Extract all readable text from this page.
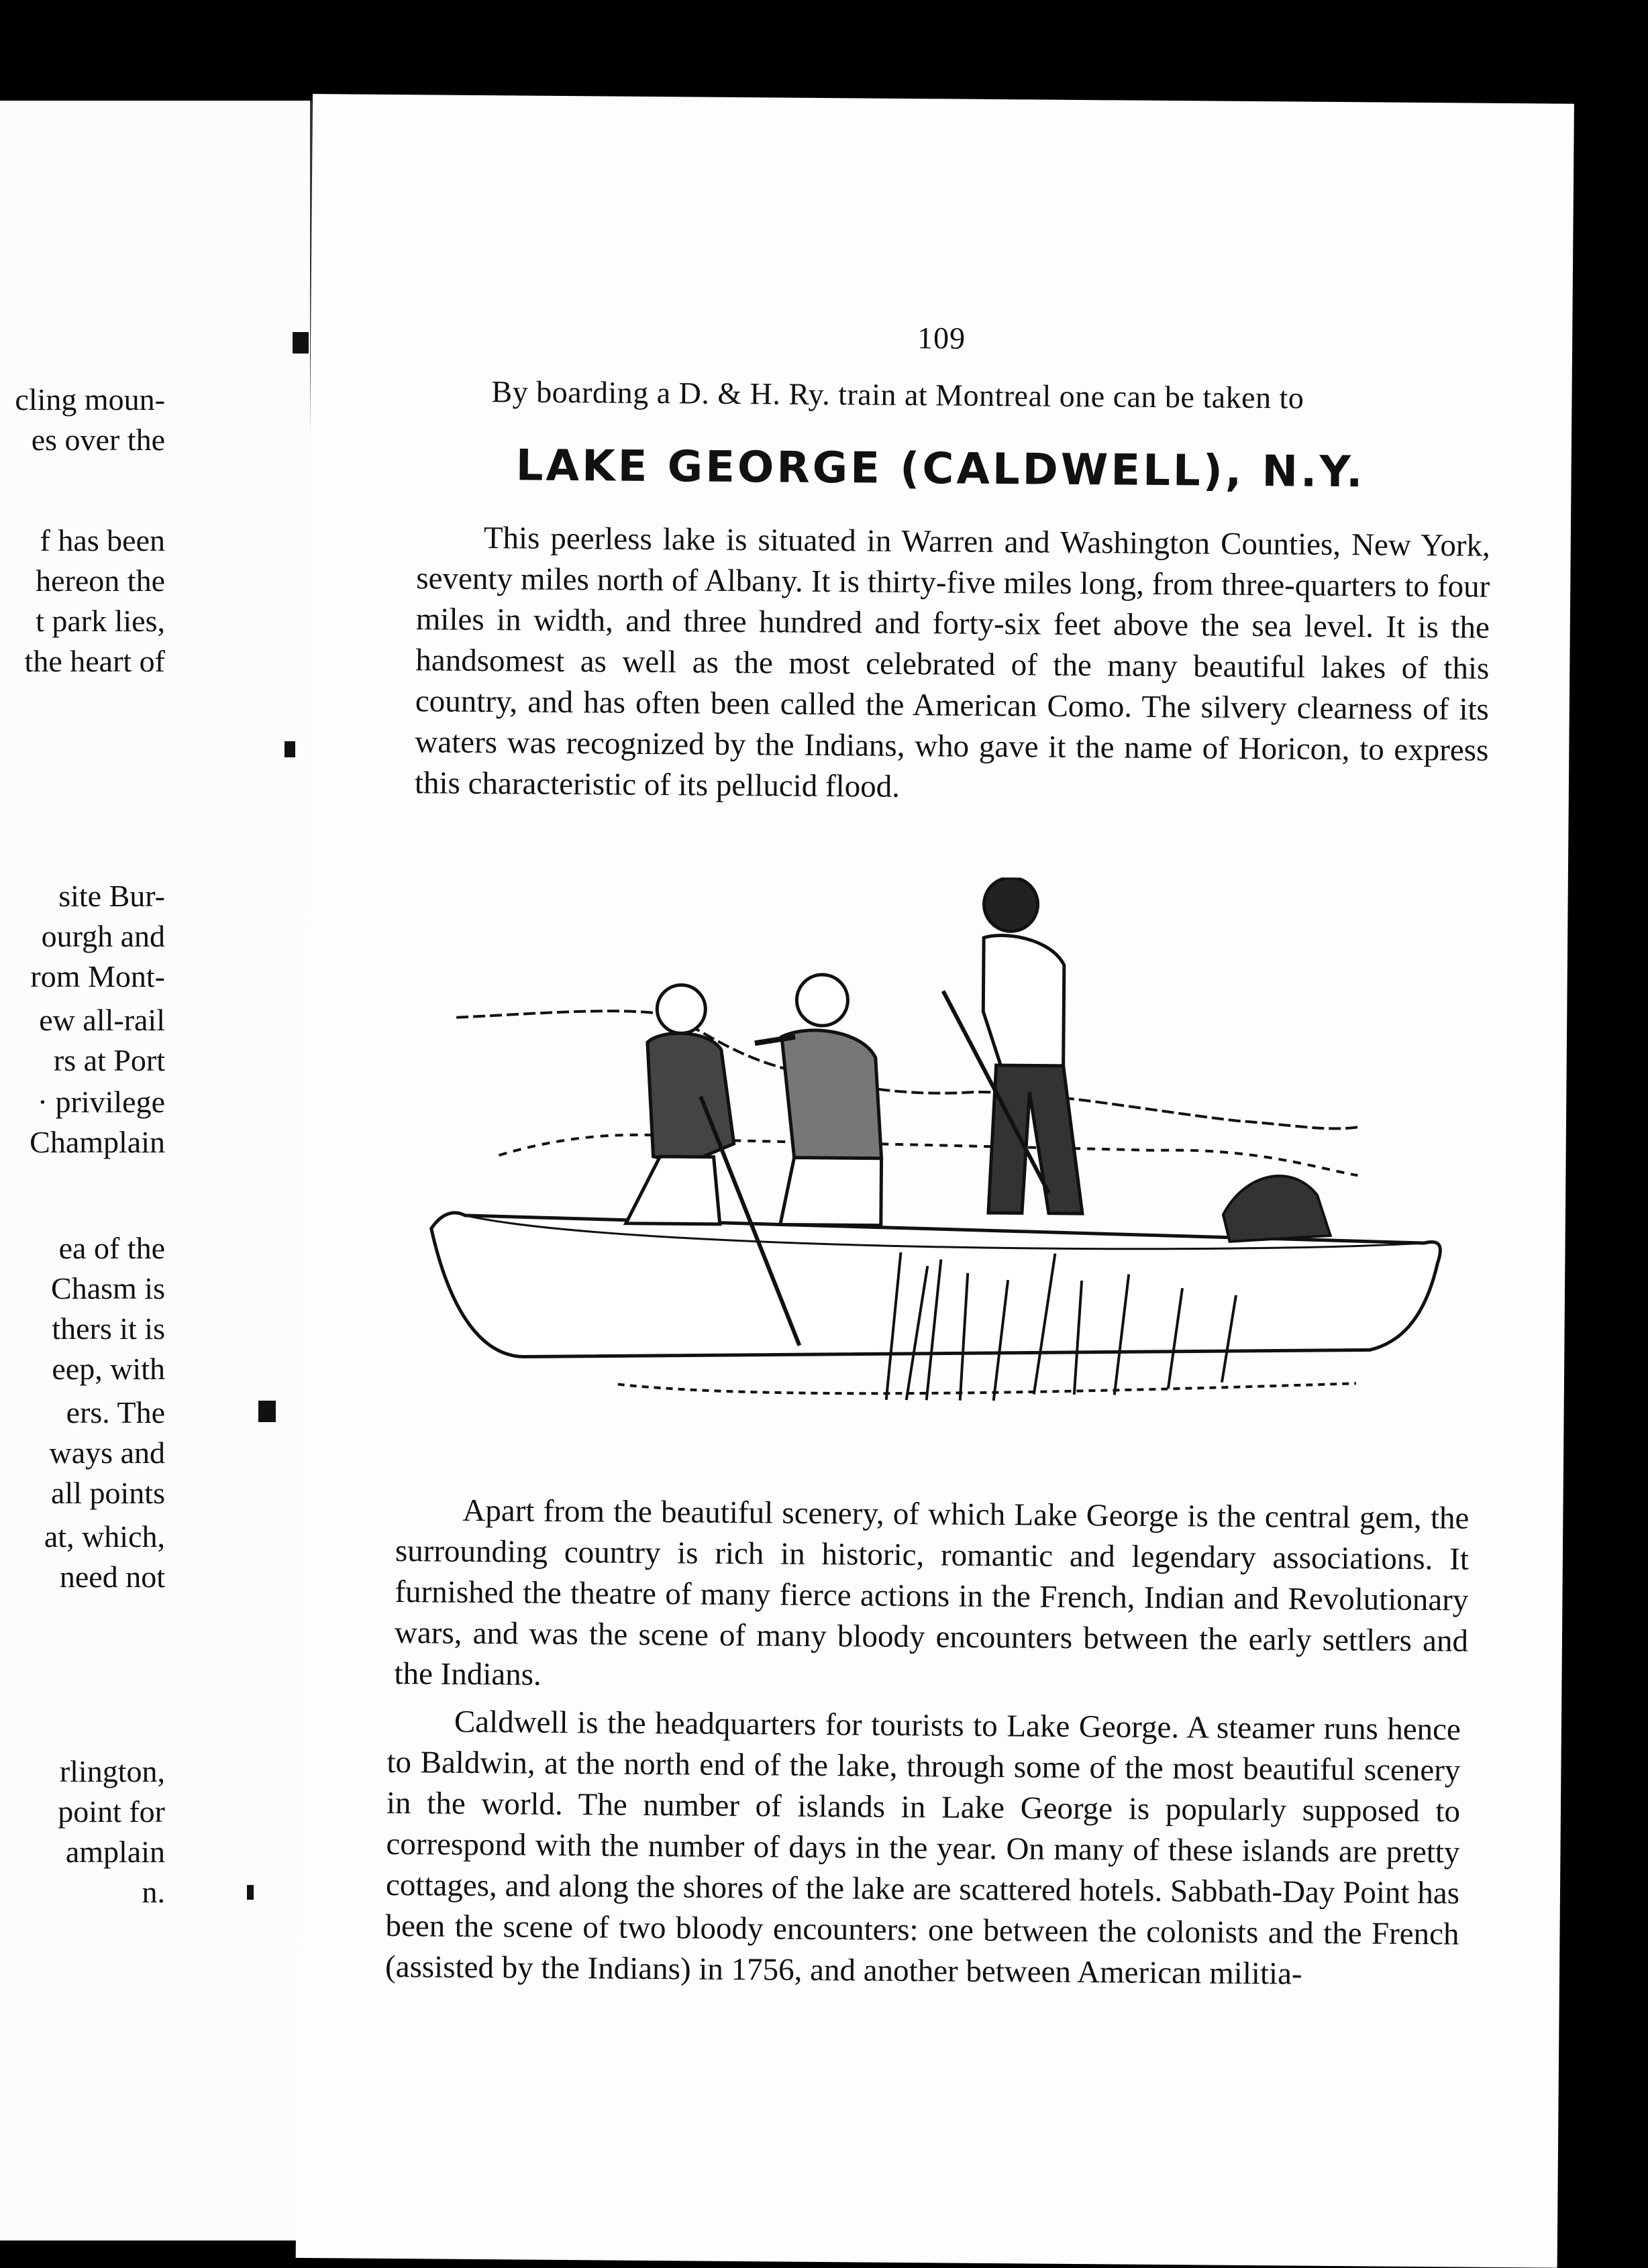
cling moun-
es over the
f has been
hereon the
t park lies,
the heart of
site Bur-
ourgh and
rom Mont-
ew all-rail
rs at Port
· privilege
Champlain
ea of the
Chasm is
thers it is
eep, with
ers. The
ways and
all points
at, which,
need not
rlington,
point for
amplain
n.
109
By boarding a D. & H. Ry. train at Montreal one can be taken to
LAKE GEORGE (CALDWELL), N.Y.

This peerless lake is situated in Warren and Washington Counties, New York, seventy miles north of Albany. It is thirty-five miles long, from three-quarters to four miles in width, and three hundred and forty-six feet above the sea level. It is the handsomest as well as the most celebrated of the many beautiful lakes of this country, and has often been called the American Como. The silvery clearness of its waters was recognized by the Indians, who gave it the name of Horicon, to express this characteristic of its pellucid flood.

Apart from the beautiful scenery, of which Lake George is the central gem, the surrounding country is rich in historic, romantic and legendary associations. It furnished the theatre of many fierce actions in the French, Indian and Revolutionary wars, and was the scene of many bloody encounters between the early settlers and the Indians.

Caldwell is the headquarters for tourists to Lake George. A steamer runs hence to Baldwin, at the north end of the lake, through some of the most beautiful scenery in the world. The number of islands in Lake George is popularly supposed to correspond with the number of days in the year. On many of these islands are pretty cottages, and along the shores of the lake are scattered hotels. Sabbath-Day Point has been the scene of two bloody encounters: one between the colonists and the French (assisted by the Indians) in 1756, and another between American militia-
